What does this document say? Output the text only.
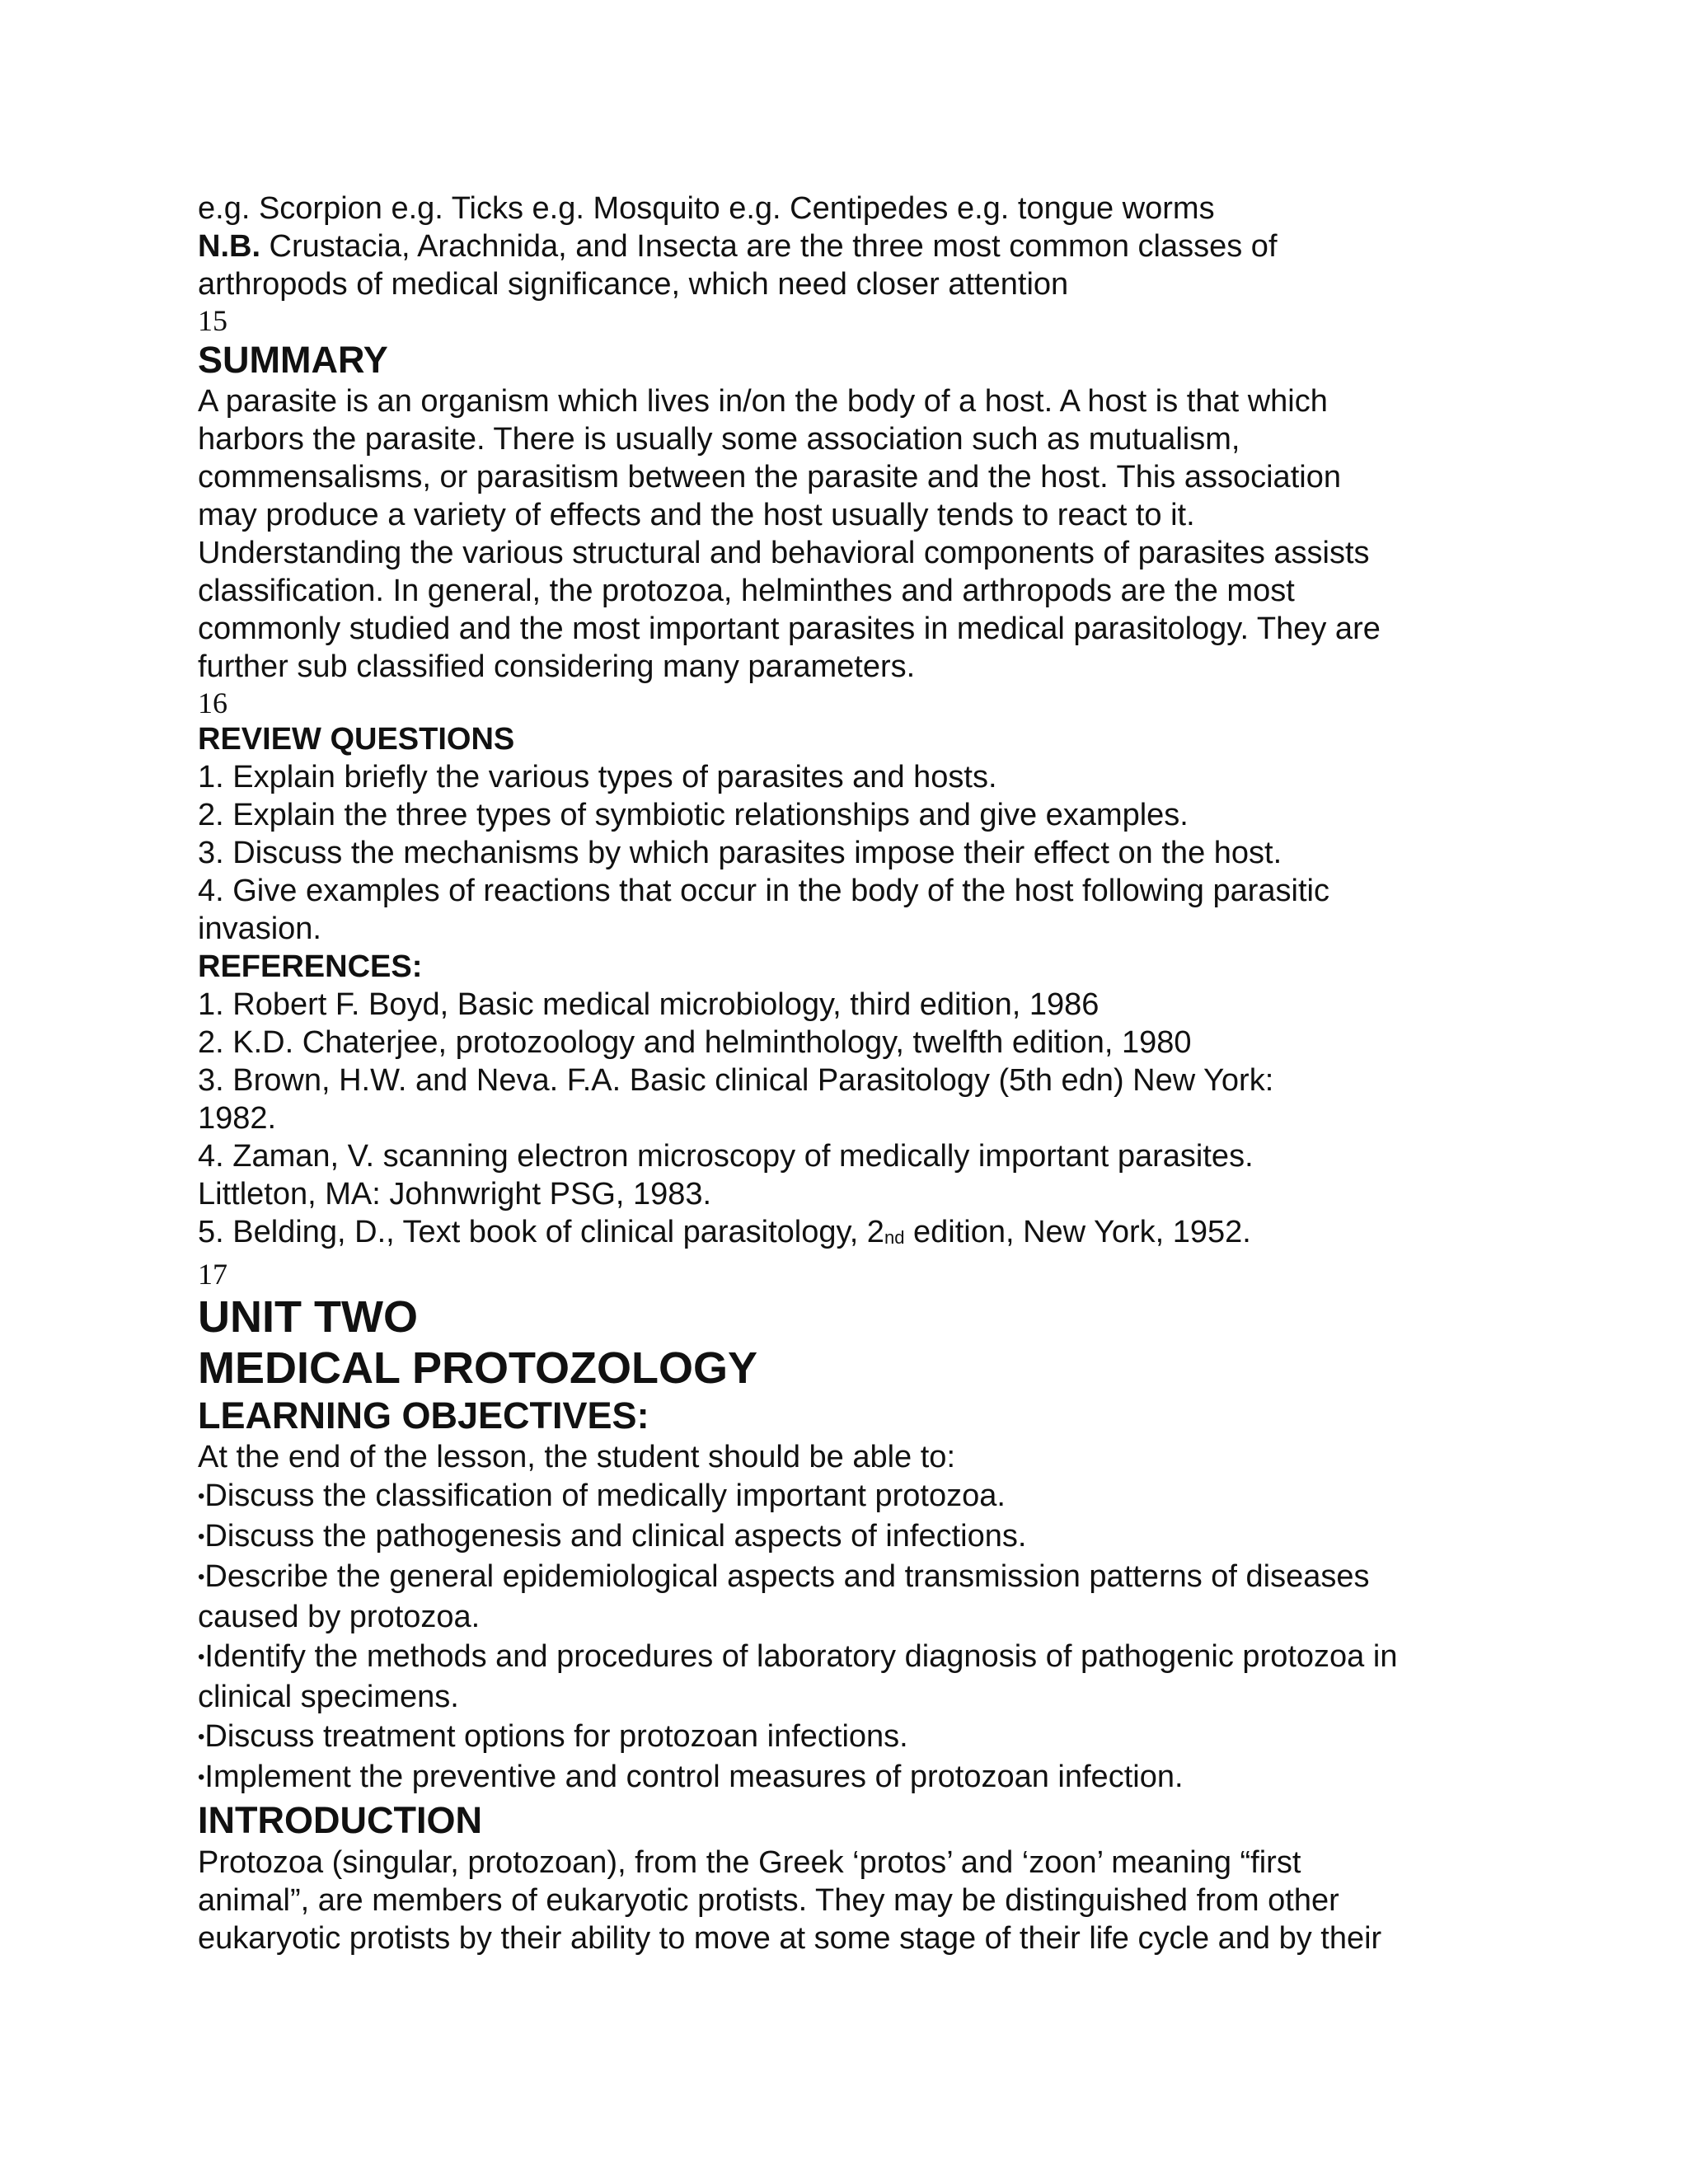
e.g. Scorpion e.g. Ticks e.g. Mosquito e.g. Centipedes e.g. tongue worms
N.B. Crustacia, Arachnida, and Insecta are the three most common classes of
arthropods of medical significance, which need closer attention
15
SUMMARY
A parasite is an organism which lives in/on the body of a host. A host is that which
harbors the parasite. There is usually some association such as mutualism,
commensalisms, or parasitism between the parasite and the host. This association
may produce a variety of effects and the host usually tends to react to it.
Understanding the various structural and behavioral components of parasites assists
classification. In general, the protozoa, helminthes and arthropods are the most
commonly studied and the most important parasites in medical parasitology. They are
further sub classified considering many parameters.
16
REVIEW QUESTIONS
1. Explain briefly the various types of parasites and hosts.
2. Explain the three types of symbiotic relationships and give examples.
3. Discuss the mechanisms by which parasites impose their effect on the host.
4. Give examples of reactions that occur in the body of the host following parasitic
invasion.
REFERENCES:
1. Robert F. Boyd, Basic medical microbiology, third edition, 1986
2. K.D. Chaterjee, protozoology and helminthology, twelfth edition, 1980
3. Brown, H.W. and Neva. F.A. Basic clinical Parasitology (5th edn) New York:
1982.
4. Zaman, V. scanning electron microscopy of medically important parasites.
Littleton, MA: Johnwright PSG, 1983.
5. Belding, D., Text book of clinical parasitology, $2_{nd}$ edition, New York, 1952.
17
UNIT TWO
MEDICAL PROTOZOLOGY
LEARNING OBJECTIVES:
At the end of the lesson, the student should be able to:
•Discuss the classification of medically important protozoa.
•Discuss the pathogenesis and clinical aspects of infections.
•Describe the general epidemiological aspects and transmission patterns of diseases
caused by protozoa.
•Identify the methods and procedures of laboratory diagnosis of pathogenic protozoa in
clinical specimens.
•Discuss treatment options for protozoan infections.
•Implement the preventive and control measures of protozoan infection.
INTRODUCTION
Protozoa (singular, protozoan), from the Greek ‘protos’ and ‘zoon’ meaning “first
animal”, are members of eukaryotic protists. They may be distinguished from other
eukaryotic protists by their ability to move at some stage of their life cycle and by their
